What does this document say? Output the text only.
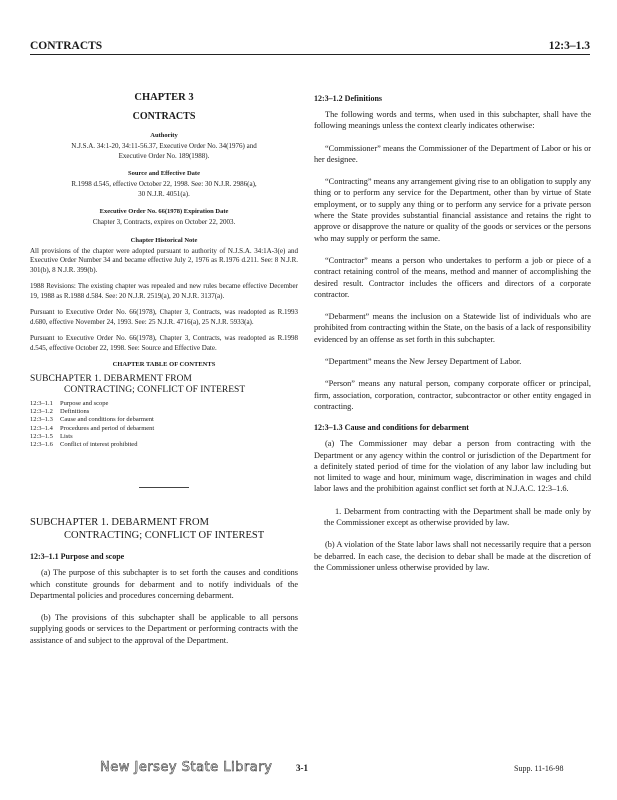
CONTRACTS	12:3–1.3
CHAPTER 3
CONTRACTS
Authority
N.J.S.A. 34:1-20, 34:11-56.37, Executive Order No. 34(1976) and Executive Order No. 189(1988).
Source and Effective Date
R.1998 d.545, effective October 22, 1998. See: 30 N.J.R. 2986(a), 30 N.J.R. 4051(a).
Executive Order No. 66(1978) Expiration Date
Chapter 3, Contracts, expires on October 22, 2003.
Chapter Historical Note

All provisions of the chapter were adopted pursuant to authority of N.J.S.A. 34:1A-3(e) and Executive Order Number 34 and became effective July 2, 1976 as R.1976 d.211. See: 8 N.J.R. 301(b), 8 N.J.R. 399(b).

1988 Revisions: The existing chapter was repealed and new rules became effective December 19, 1988 as R.1988 d.584. See: 20 N.J.R. 2519(a), 20 N.J.R. 3137(a).

Pursuant to Executive Order No. 66(1978), Chapter 3, Contracts, was readopted as R.1993 d.680, effective November 24, 1993. See: 25 N.J.R. 4716(a), 25 N.J.R. 5933(a).

Pursuant to Executive Order No. 66(1978), Chapter 3, Contracts, was readopted as R.1998 d.545, effective October 22, 1998. See: Source and Effective Date.

CHAPTER TABLE OF CONTENTS
SUBCHAPTER 1. DEBARMENT FROM
CONTRACTING; CONFLICT OF INTEREST
12:3–1.1 Purpose and scope
12:3–1.2 Definitions
12:3–1.3 Cause and conditions for debarment
12:3–1.4 Procedures and period of debarment
12:3–1.5 Lists
12:3–1.6 Conflict of interest prohibited
SUBCHAPTER 1. DEBARMENT FROM
CONTRACTING; CONFLICT OF INTEREST
12:3–1.1 Purpose and scope

(a) The purpose of this subchapter is to set forth the causes and conditions which constitute grounds for debarment and to notify individuals of the Departmental policies and procedures concerning debarment.

(b) The provisions of this subchapter shall be applicable to all persons supplying goods or services to the Department or performing contracts with the assistance of and subject to the approval of the Department.

12:3–1.2 Definitions

The following words and terms, when used in this subchapter, shall have the following meanings unless the context clearly indicates otherwise:

“Commissioner” means the Commissioner of the Department of Labor or his or her designee.

“Contracting” means any arrangement giving rise to an obligation to supply any thing or to perform any service for the Department, other than by virtue of State employment, or to supply any thing or to perform any service for a private person where the State provides substantial financial assistance and retains the right to approve or disapprove the nature or quality of the goods or services or the persons who may supply or perform the same.

“Contractor” means a person who undertakes to perform a job or piece of a contract retaining control of the means, method and manner of accomplishing the desired result. Contractor includes the officers and directors of a corporate contractor.

“Debarment” means the inclusion on a Statewide list of individuals who are prohibited from contracting within the State, on the basis of a lack of responsibility evidenced by an offense as set forth in this subchapter.

“Department” means the New Jersey Department of Labor.

“Person” means any natural person, company corporate officer or principal, firm, association, corporation, contractor, subcontractor or other entity engaged in contracting.

12:3–1.3 Cause and conditions for debarment

(a) The Commissioner may debar a person from contracting with the Department or any agency within the control or jurisdiction of the Department for a definitely stated period of time for the violation of any labor law including but not limited to wage and hour, minimum wage, discrimination in wages and child labor laws and the prohibition against conflict set forth at N.J.A.C. 12:3–1.6.

1. Debarment from contracting with the Department shall be made only by the Commissioner except as otherwise provided by law.

(b) A violation of the State labor laws shall not necessarily require that a person be debarred. In each case, the decision to debar shall be made at the discretion of the Commissioner unless otherwise provided by law.

New Jersey State Library	3-1	Supp. 11-16-98
